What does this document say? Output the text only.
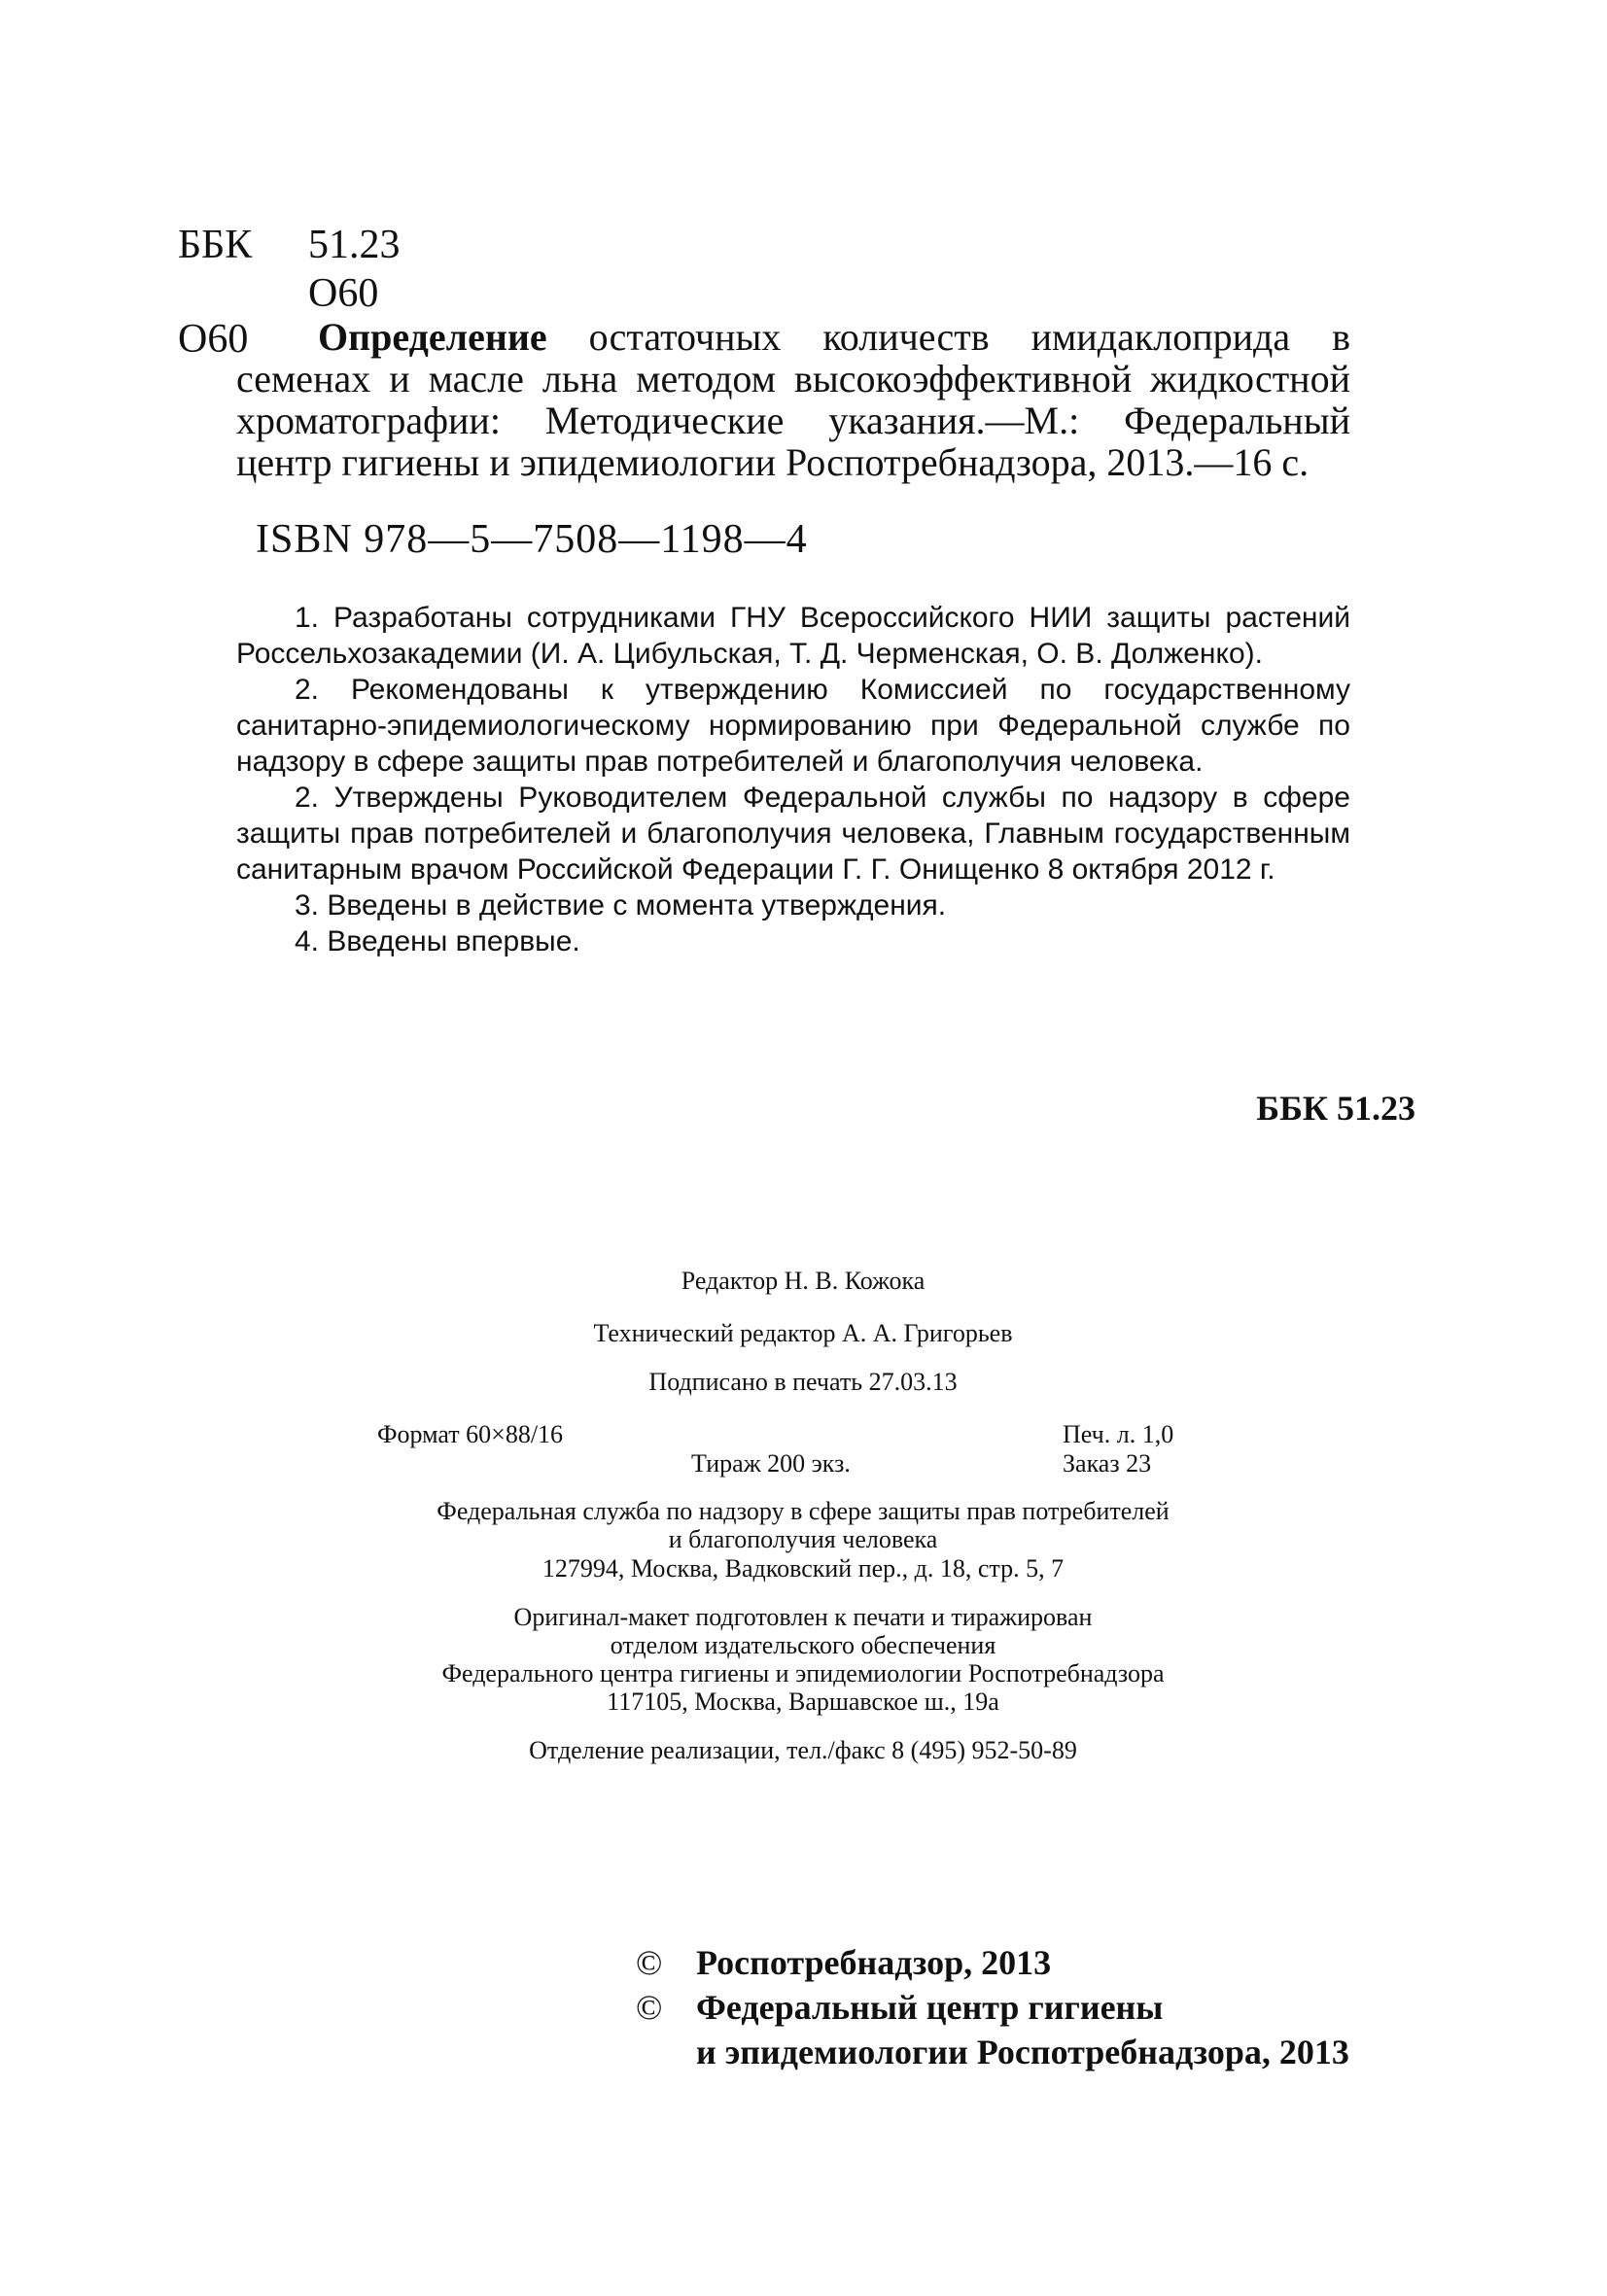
ББК 51.23
О60
О60	Определение остаточных количеств имидаклоприда в семенах и масле льна методом высокоэффективной жидкостной хроматографии: Методические указания.—М.: Федеральный центр гигиены и эпидемиологии Роспотребнадзора, 2013.—16 с.
ISBN 978—5—7508—1198—4

1. Разработаны сотрудниками ГНУ Всероссийского НИИ защиты растений Россельхозакадемии (И. А. Цибульская, Т. Д. Черменская, О. В. Долженко).

2. Рекомендованы к утверждению Комиссией по государственному санитарно-эпидемиологическому нормированию при Федеральной службе по надзору в сфере защиты прав потребителей и благополучия человека.

2. Утверждены Руководителем Федеральной службы по надзору в сфере защиты прав потребителей и благополучия человека, Главным государственным санитарным врачом Российской Федерации Г. Г. Онищенко 8 октября 2012 г.

3. Введены в действие с момента утверждения.

4. Введены впервые.

ББК 51.23
Редактор Н. В. Кожока
Технический редактор А. А. Григорьев
Подписано в печать 27.03.13
Формат 60×88/16	Печ. л. 1,0
Тираж 200 экз.	Заказ 23
Федеральная служба по надзору в сфере защиты прав потребителей
и благополучия человека
127994, Москва, Вадковский пер., д. 18, стр. 5, 7
Оригинал-макет подготовлен к печати и тиражирован
отделом издательского обеспечения
Федерального центра гигиены и эпидемиологии Роспотребнадзора
117105, Москва, Варшавское ш., 19а
Отделение реализации, тел./факс 8 (495) 952-50-89
© Роспотребнадзор, 2013
© Федеральный центр гигиены
и эпидемиологии Роспотребнадзора, 2013
